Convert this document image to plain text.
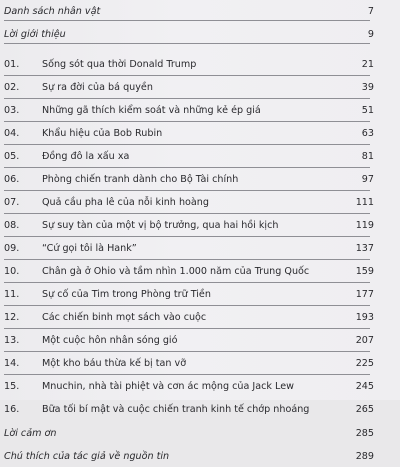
Danh sách nhân vật	7
Lời giới thiệu	9
01.	Sống sót qua thời Donald Trump	21
02.	Sự ra đời của bá quyền	39
03.	Những gã thích kiểm soát và những kẻ ép giá	51
04.	Khẩu hiệu của Bob Rubin	63
05.	Đồng đô la xấu xa	81
06.	Phòng chiến tranh dành cho Bộ Tài chính	97
07.	Quả cầu pha lê của nỗi kinh hoàng	111
08.	Sự suy tàn của một vị bộ trưởng, qua hai hồi kịch	119
09.	“Cứ gọi tôi là Hank”	137
10.	Chân gà ở Ohio và tầm nhìn 1.000 năm của Trung Quốc	159
11.	Sự cố của Tim trong Phòng trữ Tiền	177
12.	Các chiến binh mọt sách vào cuộc	193
13.	Một cuộc hôn nhân sóng gió	207
14.	Một kho báu thừa kế bị tan vỡ	225
15.	Mnuchin, nhà tài phiệt và cơn ác mộng của Jack Lew	245
16.	Bữa tối bí mật và cuộc chiến tranh kinh tế chớp nhoáng	265
Lời cảm ơn	285
Chú thích của tác giả về nguồn tin	289
